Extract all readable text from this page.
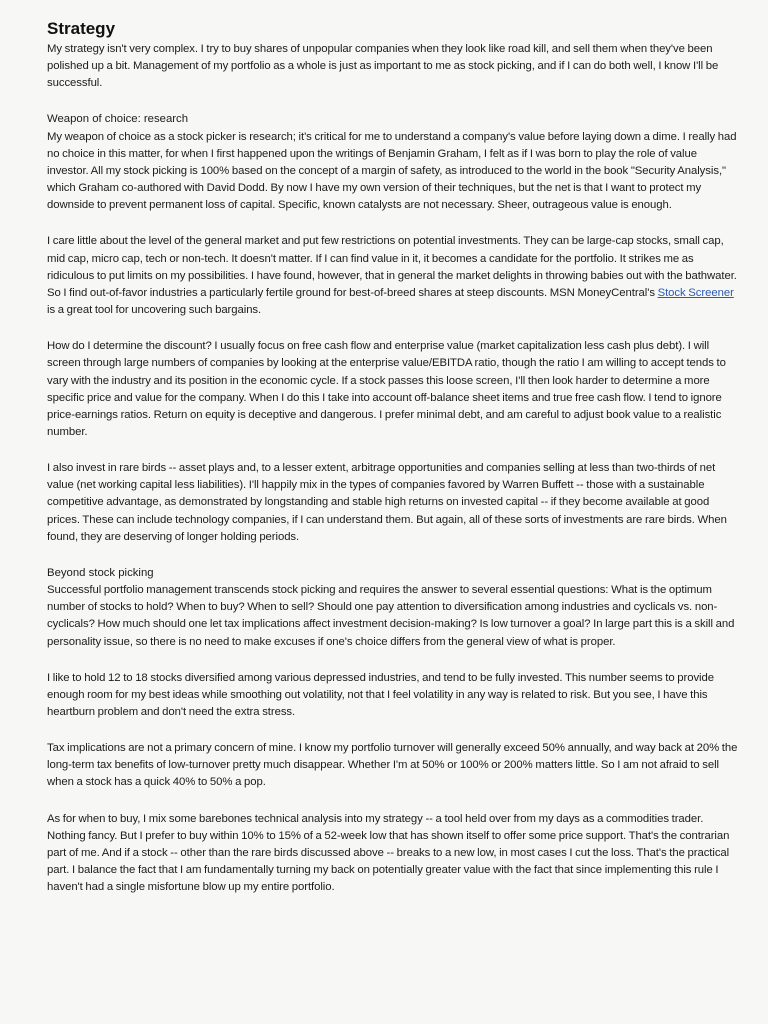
Strategy

My strategy isn't very complex. I try to buy shares of unpopular companies when they look like road kill, and sell them when they've been polished up a bit. Management of my portfolio as a whole is just as important to me as stock picking, and if I can do both well, I know I'll be successful.

Weapon of choice: research

My weapon of choice as a stock picker is research; it's critical for me to understand a company's value before laying down a dime. I really had no choice in this matter, for when I first happened upon the writings of Benjamin Graham, I felt as if I was born to play the role of value investor. All my stock picking is 100% based on the concept of a margin of safety, as introduced to the world in the book "Security Analysis," which Graham co-authored with David Dodd. By now I have my own version of their techniques, but the net is that I want to protect my downside to prevent permanent loss of capital. Specific, known catalysts are not necessary. Sheer, outrageous value is enough.

I care little about the level of the general market and put few restrictions on potential investments. They can be large-cap stocks, small cap, mid cap, micro cap, tech or non-tech. It doesn't matter. If I can find value in it, it becomes a candidate for the portfolio. It strikes me as ridiculous to put limits on my possibilities. I have found, however, that in general the market delights in throwing babies out with the bathwater. So I find out-of-favor industries a particularly fertile ground for best-of-breed shares at steep discounts. MSN MoneyCentral's Stock Screener is a great tool for uncovering such bargains.

How do I determine the discount? I usually focus on free cash flow and enterprise value (market capitalization less cash plus debt). I will screen through large numbers of companies by looking at the enterprise value/EBITDA ratio, though the ratio I am willing to accept tends to vary with the industry and its position in the economic cycle. If a stock passes this loose screen, I'll then look harder to determine a more specific price and value for the company. When I do this I take into account off-balance sheet items and true free cash flow. I tend to ignore price-earnings ratios. Return on equity is deceptive and dangerous. I prefer minimal debt, and am careful to adjust book value to a realistic number.

I also invest in rare birds -- asset plays and, to a lesser extent, arbitrage opportunities and companies selling at less than two-thirds of net value (net working capital less liabilities). I'll happily mix in the types of companies favored by Warren Buffett -- those with a sustainable competitive advantage, as demonstrated by longstanding and stable high returns on invested capital -- if they become available at good prices. These can include technology companies, if I can understand them. But again, all of these sorts of investments are rare birds. When found, they are deserving of longer holding periods.

Beyond stock picking

Successful portfolio management transcends stock picking and requires the answer to several essential questions: What is the optimum number of stocks to hold? When to buy? When to sell? Should one pay attention to diversification among industries and cyclicals vs. non-cyclicals? How much should one let tax implications affect investment decision-making? Is low turnover a goal? In large part this is a skill and personality issue, so there is no need to make excuses if one's choice differs from the general view of what is proper.

I like to hold 12 to 18 stocks diversified among various depressed industries, and tend to be fully invested. This number seems to provide enough room for my best ideas while smoothing out volatility, not that I feel volatility in any way is related to risk. But you see, I have this heartburn problem and don't need the extra stress.

Tax implications are not a primary concern of mine. I know my portfolio turnover will generally exceed 50% annually, and way back at 20% the long-term tax benefits of low-turnover pretty much disappear. Whether I'm at 50% or 100% or 200% matters little. So I am not afraid to sell when a stock has a quick 40% to 50% a pop.

As for when to buy, I mix some barebones technical analysis into my strategy -- a tool held over from my days as a commodities trader. Nothing fancy. But I prefer to buy within 10% to 15% of a 52-week low that has shown itself to offer some price support. That's the contrarian part of me. And if a stock -- other than the rare birds discussed above -- breaks to a new low, in most cases I cut the loss. That's the practical part. I balance the fact that I am fundamentally turning my back on potentially greater value with the fact that since implementing this rule I haven't had a single misfortune blow up my entire portfolio.
